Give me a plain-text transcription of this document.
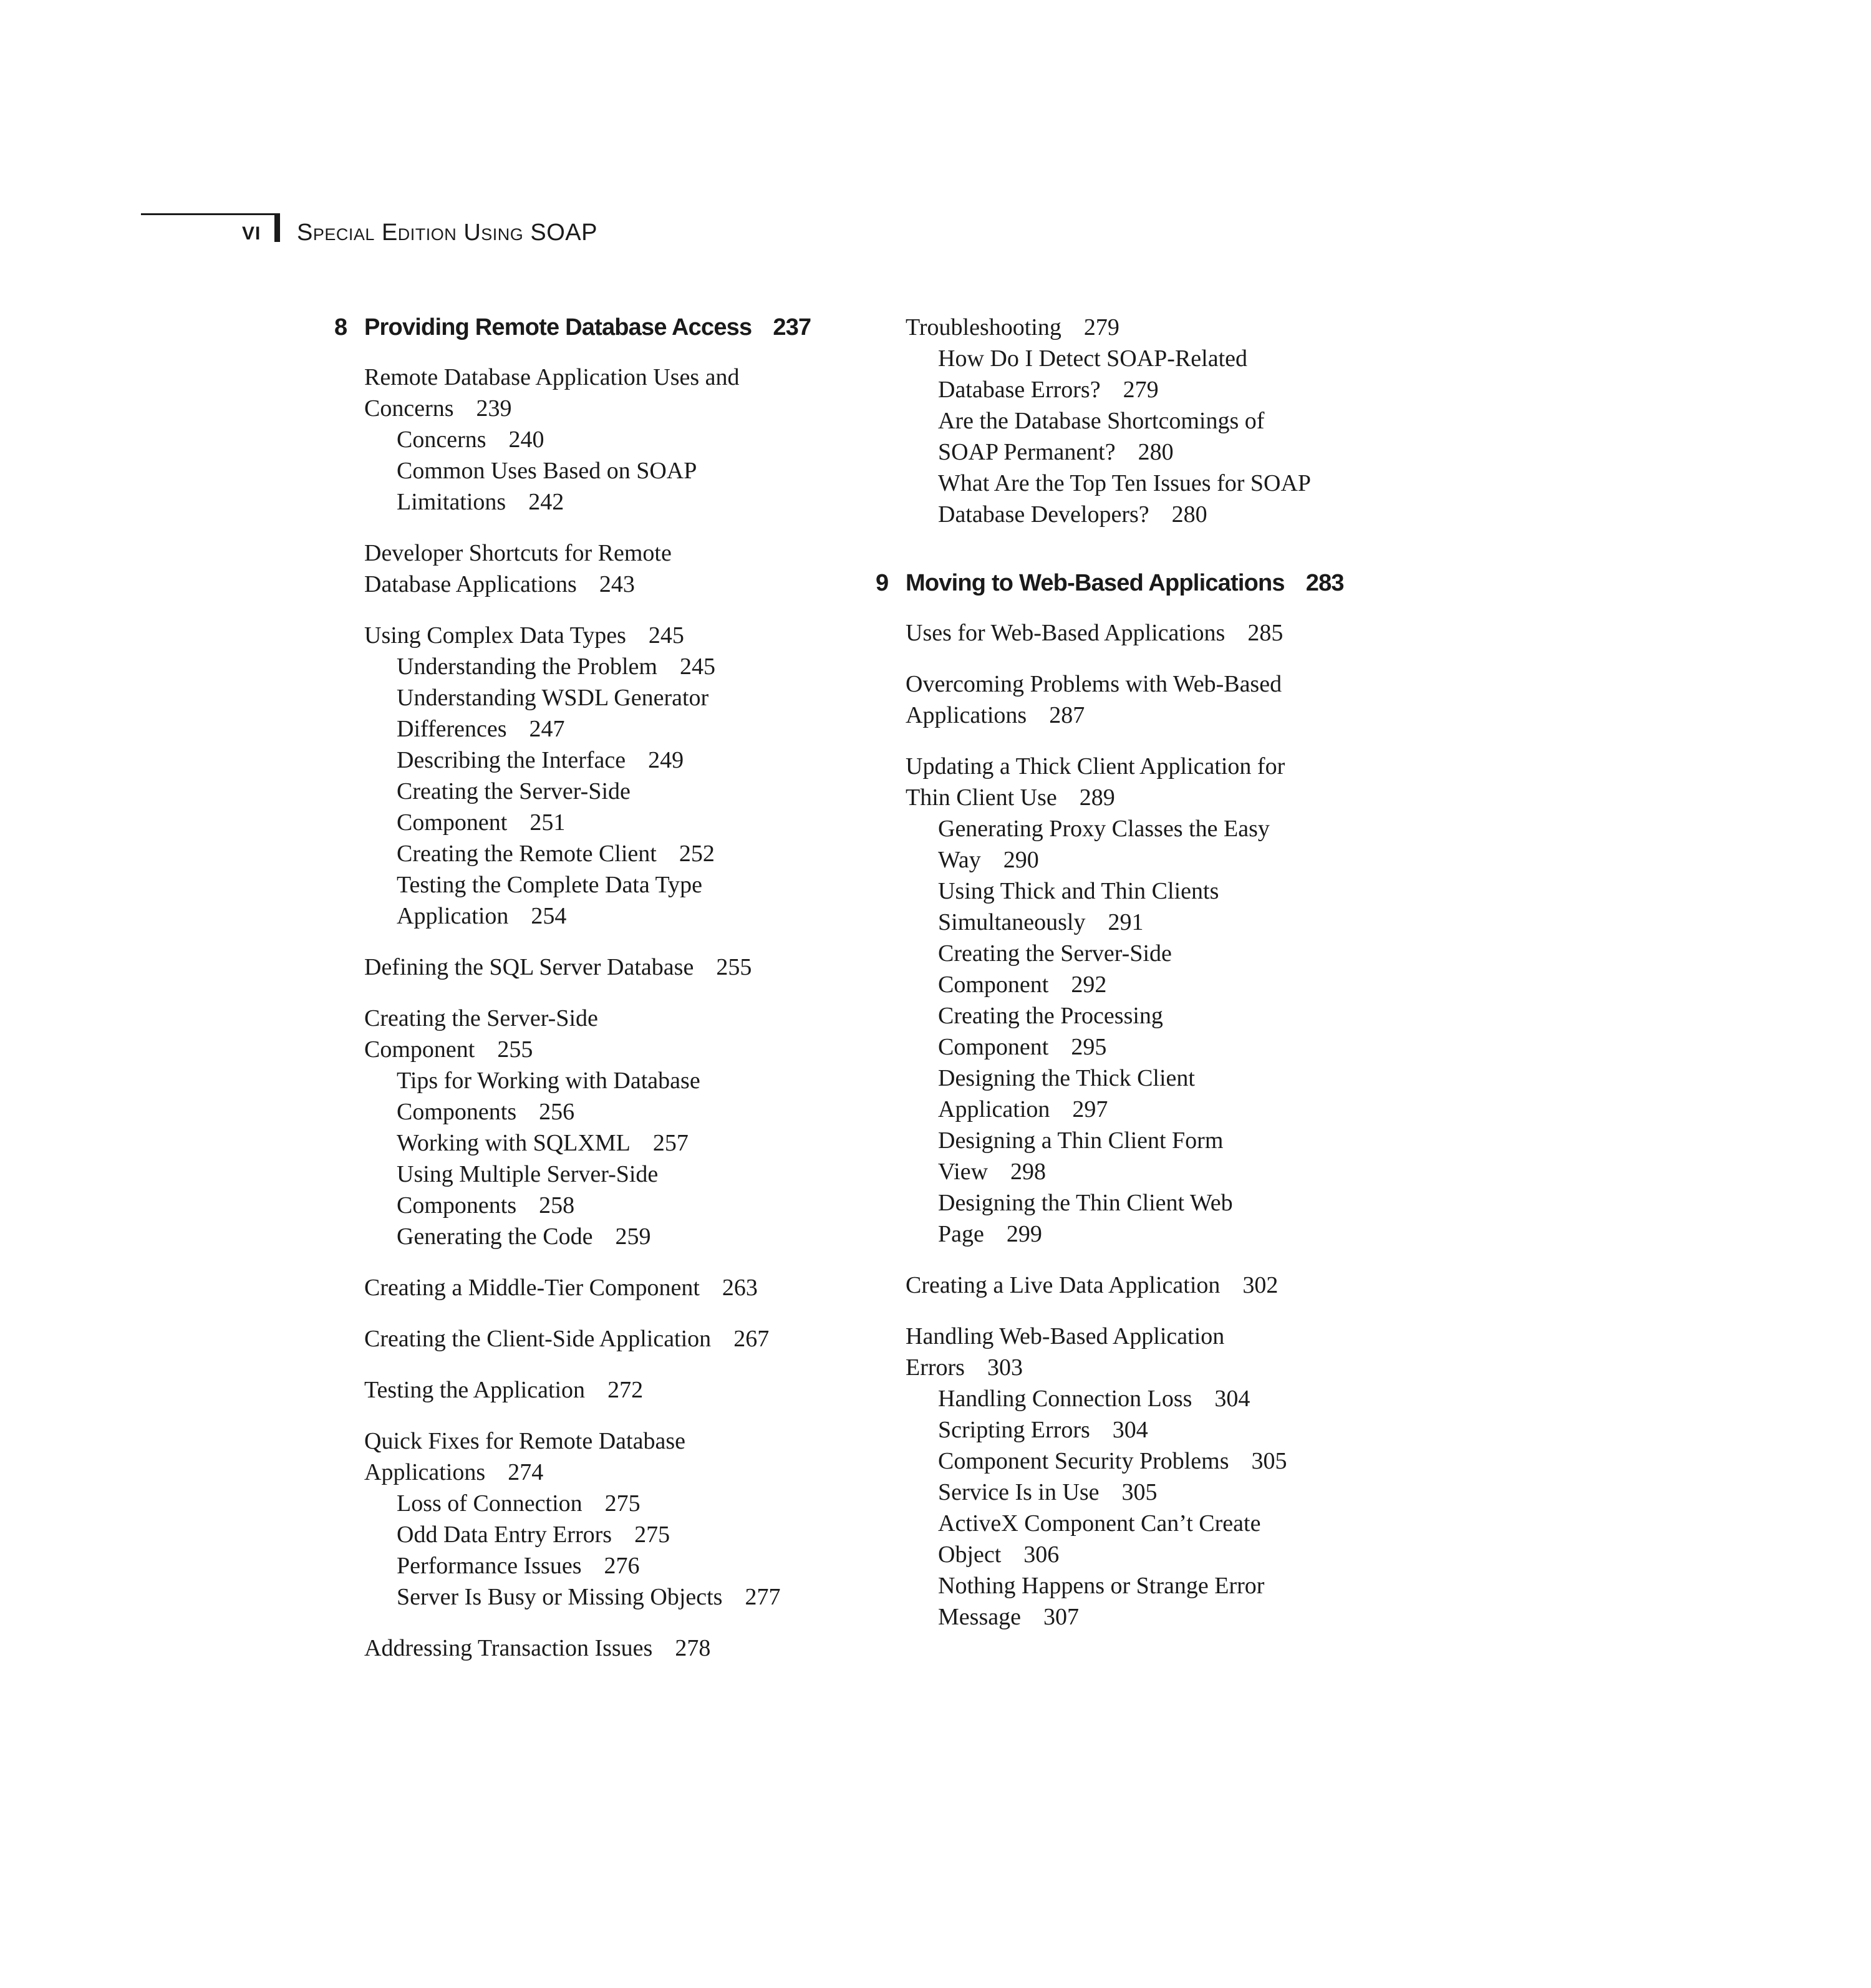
VI Special Edition Using SOAP
8 Providing Remote Database Access 237
Remote Database Application Uses and
Concerns 239
Concerns 240
Common Uses Based on SOAP
Limitations 242
Developer Shortcuts for Remote
Database Applications 243
Using Complex Data Types 245
Understanding the Problem 245
Understanding WSDL Generator
Differences 247
Describing the Interface 249
Creating the Server-Side
Component 251
Creating the Remote Client 252
Testing the Complete Data Type
Application 254
Defining the SQL Server Database 255
Creating the Server-Side
Component 255
Tips for Working with Database
Components 256
Working with SQLXML 257
Using Multiple Server-Side
Components 258
Generating the Code 259
Creating a Middle-Tier Component 263
Creating the Client-Side Application 267
Testing the Application 272
Quick Fixes for Remote Database
Applications 274
Loss of Connection 275
Odd Data Entry Errors 275
Performance Issues 276
Server Is Busy or Missing Objects 277
Addressing Transaction Issues 278
Troubleshooting 279
How Do I Detect SOAP-Related
Database Errors? 279
Are the Database Shortcomings of
SOAP Permanent? 280
What Are the Top Ten Issues for SOAP
Database Developers? 280
9 Moving to Web-Based Applications 283
Uses for Web-Based Applications 285
Overcoming Problems with Web-Based
Applications 287
Updating a Thick Client Application for
Thin Client Use 289
Generating Proxy Classes the Easy
Way 290
Using Thick and Thin Clients
Simultaneously 291
Creating the Server-Side
Component 292
Creating the Processing
Component 295
Designing the Thick Client
Application 297
Designing a Thin Client Form
View 298
Designing the Thin Client Web
Page 299
Creating a Live Data Application 302
Handling Web-Based Application
Errors 303
Handling Connection Loss 304
Scripting Errors 304
Component Security Problems 305
Service Is in Use 305
ActiveX Component Can’t Create
Object 306
Nothing Happens or Strange Error
Message 307
